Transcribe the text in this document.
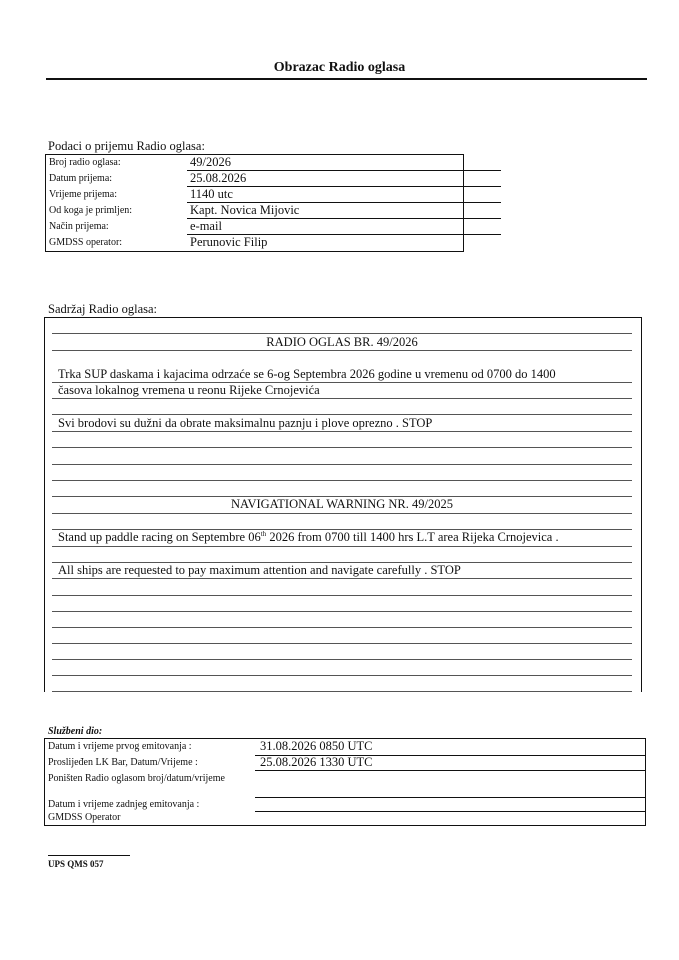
Obrazac Radio oglasa
Podaci o prijemu Radio oglasa:
Broj radio oglasa:	49/2026
Datum prijema:	25.08.2026
Vrijeme prijema:	1140 utc
Od koga je primljen:	Kapt. Novica Mijovic
Način prijema:	e-mail
GMDSS operator:	Perunovic Filip
Sadržaj Radio oglasa:
RADIO OGLAS BR. 49/2026
Trka SUP daskama i kajacima odrzaće se 6-og Septembra 2026 godine u vremenu od 0700 do 1400
časova lokalnog vremena u reonu Rijeke Crnojevića
Svi brodovi su dužni da obrate maksimalnu paznju i plove oprezno . STOP
NAVIGATIONAL WARNING NR. 49/2025
Stand up paddle racing on Septembre 06th 2026 from 0700 till 1400 hrs L.T area Rijeka Crnojevica .
All ships are requested to pay maximum attention and navigate carefully . STOP
Službeni dio:
Datum i vrijeme prvog emitovanja :	31.08.2026 0850 UTC
Proslijeđen LK Bar, Datum/Vrijeme :	25.08.2026 1330 UTC
Poništen Radio oglasom broj/datum/vrijeme
Datum i vrijeme zadnjeg emitovanja :
GMDSS Operator
UPS QMS 057
